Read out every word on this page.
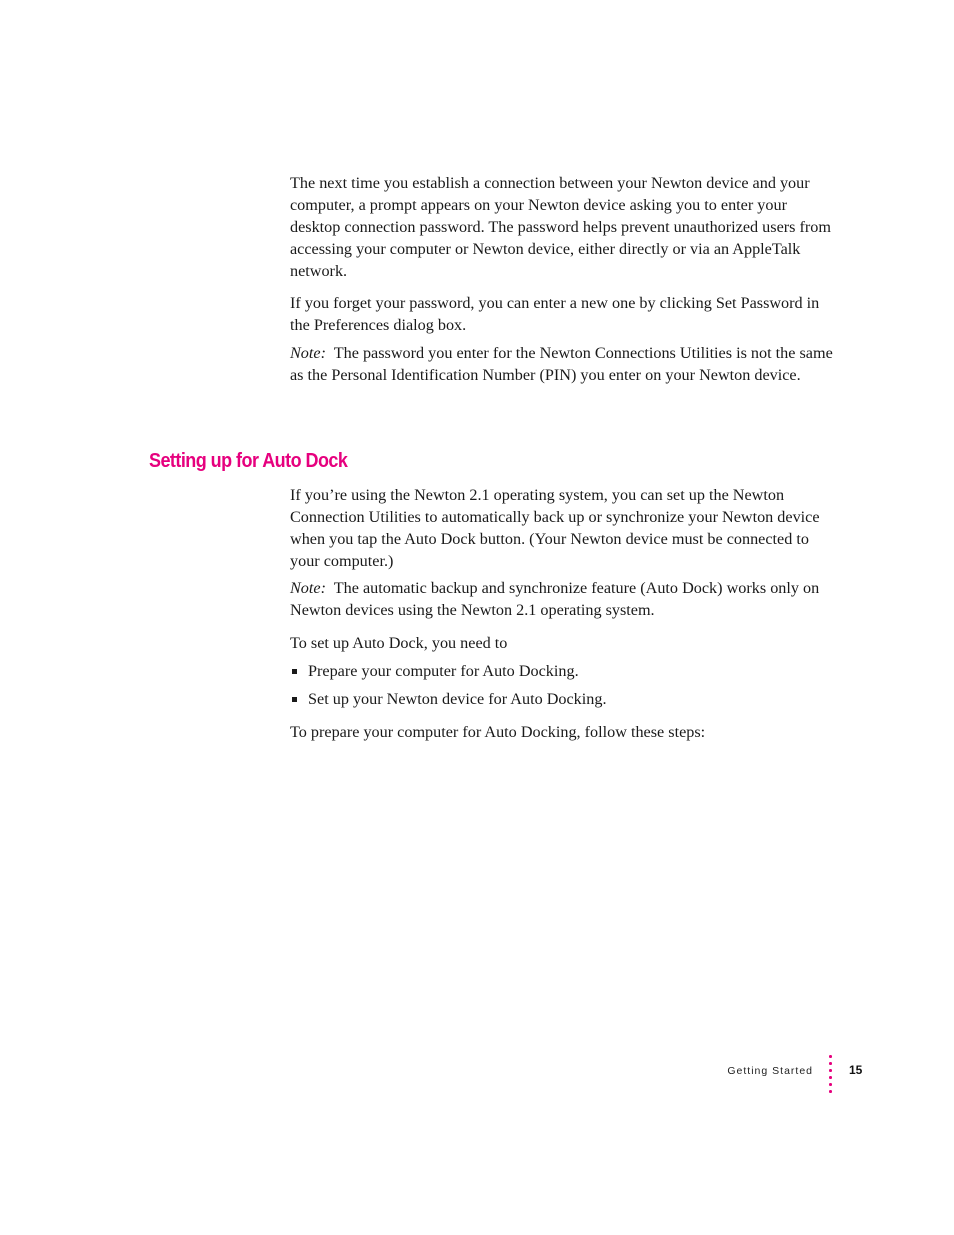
The next time you establish a connection between your Newton device and your computer, a prompt appears on your Newton device asking you to enter your desktop connection password. The password helps prevent unauthorized users from accessing your computer or Newton device, either directly or via an AppleTalk network.

If you forget your password, you can enter a new one by clicking Set Password in the Preferences dialog box.

Note: The password you enter for the Newton Connections Utilities is not the same as the Personal Identification Number (PIN) you enter on your Newton device.

Setting up for Auto Dock

If you’re using the Newton 2.1 operating system, you can set up the Newton Connection Utilities to automatically back up or synchronize your Newton device when you tap the Auto Dock button. (Your Newton device must be connected to your computer.)

Note: The automatic backup and synchronize feature (Auto Dock) works only on Newton devices using the Newton 2.1 operating system.

To set up Auto Dock, you need to

Prepare your computer for Auto Docking.
Set up your Newton device for Auto Docking.

To prepare your computer for Auto Docking, follow these steps:

Getting Started	15
